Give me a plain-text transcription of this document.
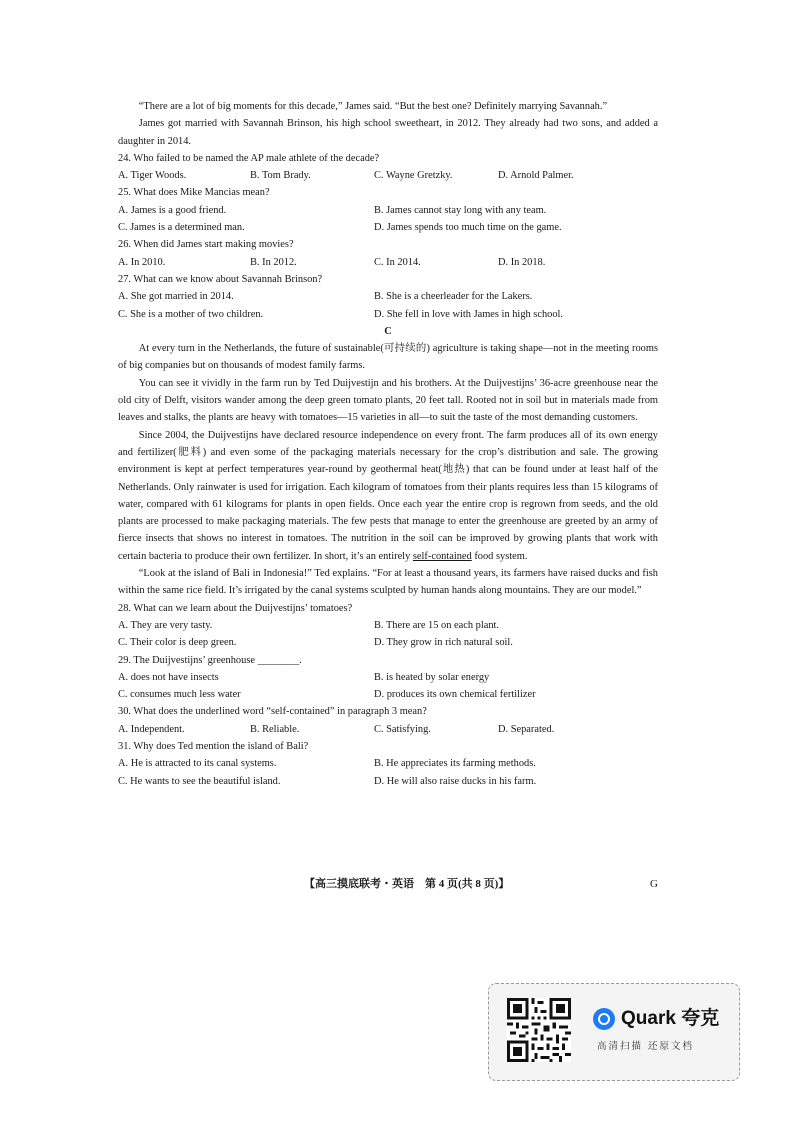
“There are a lot of big moments for this decade,” James said. “But the best one? Definitely marrying Savannah.”

James got married with Savannah Brinson, his high school sweetheart, in 2012. They already had two sons, and added a daughter in 2014.

24. Who failed to be named the AP male athlete of the decade?

A. Tiger Woods.	B. Tom Brady.	C. Wayne Gretzky.	D. Arnold Palmer.

25. What does Mike Mancias mean?

A. James is a good friend.	B. James cannot stay long with any team.
C. James is a determined man.	D. James spends too much time on the game.

26. When did James start making movies?

A. In 2010.	B. In 2012.	C. In 2014.	D. In 2018.

27. What can we know about Savannah Brinson?

A. She got married in 2014.	B. She is a cheerleader for the Lakers.
C. She is a mother of two children.	D. She fell in love with James in high school.

C

At every turn in the Netherlands, the future of sustainable(可持续的) agriculture is taking shape—not in the meeting rooms of big companies but on thousands of modest family farms.

You can see it vividly in the farm run by Ted Duijvestijn and his brothers. At the Duijvestijns’ 36-acre greenhouse near the old city of Delft, visitors wander among the deep green tomato plants, 20 feet tall. Rooted not in soil but in materials made from leaves and stalks, the plants are heavy with tomatoes—15 varieties in all—to suit the taste of the most demanding customers.

Since 2004, the Duijvestijns have declared resource independence on every front. The farm produces all of its own energy and fertilizer(肥料) and even some of the packaging materials necessary for the crop’s distribution and sale. The growing environment is kept at perfect temperatures year-round by geothermal heat(地热) that can be found under at least half of the Netherlands. Only rainwater is used for irrigation. Each kilogram of tomatoes from their plants requires less than 15 kilograms of water, compared with 61 kilograms for plants in open fields. Once each year the entire crop is regrown from seeds, and the old plants are processed to make packaging materials. The few pests that manage to enter the greenhouse are greeted by an army of fierce insects that shows no interest in tomatoes. The nutrition in the soil can be improved by growing plants that work with certain bacteria to produce their own fertilizer. In short, it’s an entirely self-contained food system.

“Look at the island of Bali in Indonesia!” Ted explains. “For at least a thousand years, its farmers have raised ducks and fish within the same rice field. It’s irrigated by the canal systems sculpted by human hands along mountains. They are our model.”

28. What can we learn about the Duijvestijns’ tomatoes?

A. They are very tasty.	B. There are 15 on each plant.
C. Their color is deep green.	D. They grow in rich natural soil.

29. The Duijvestijns’ greenhouse ________.

A. does not have insects	B. is heated by solar energy
C. consumes much less water	D. produces its own chemical fertilizer

30. What does the underlined word “self-contained” in paragraph 3 mean?

A. Independent.	B. Reliable.	C. Satisfying.	D. Separated.

31. Why does Ted mention the island of Bali?

A. He is attracted to its canal systems.	B. He appreciates its farming methods.
C. He wants to see the beautiful island.	D. He will also raise ducks in his farm.
【高三摸底联考・英语　第 4 页(共 8 页)】	G
Quark 夸克
高清扫描 还原文档
